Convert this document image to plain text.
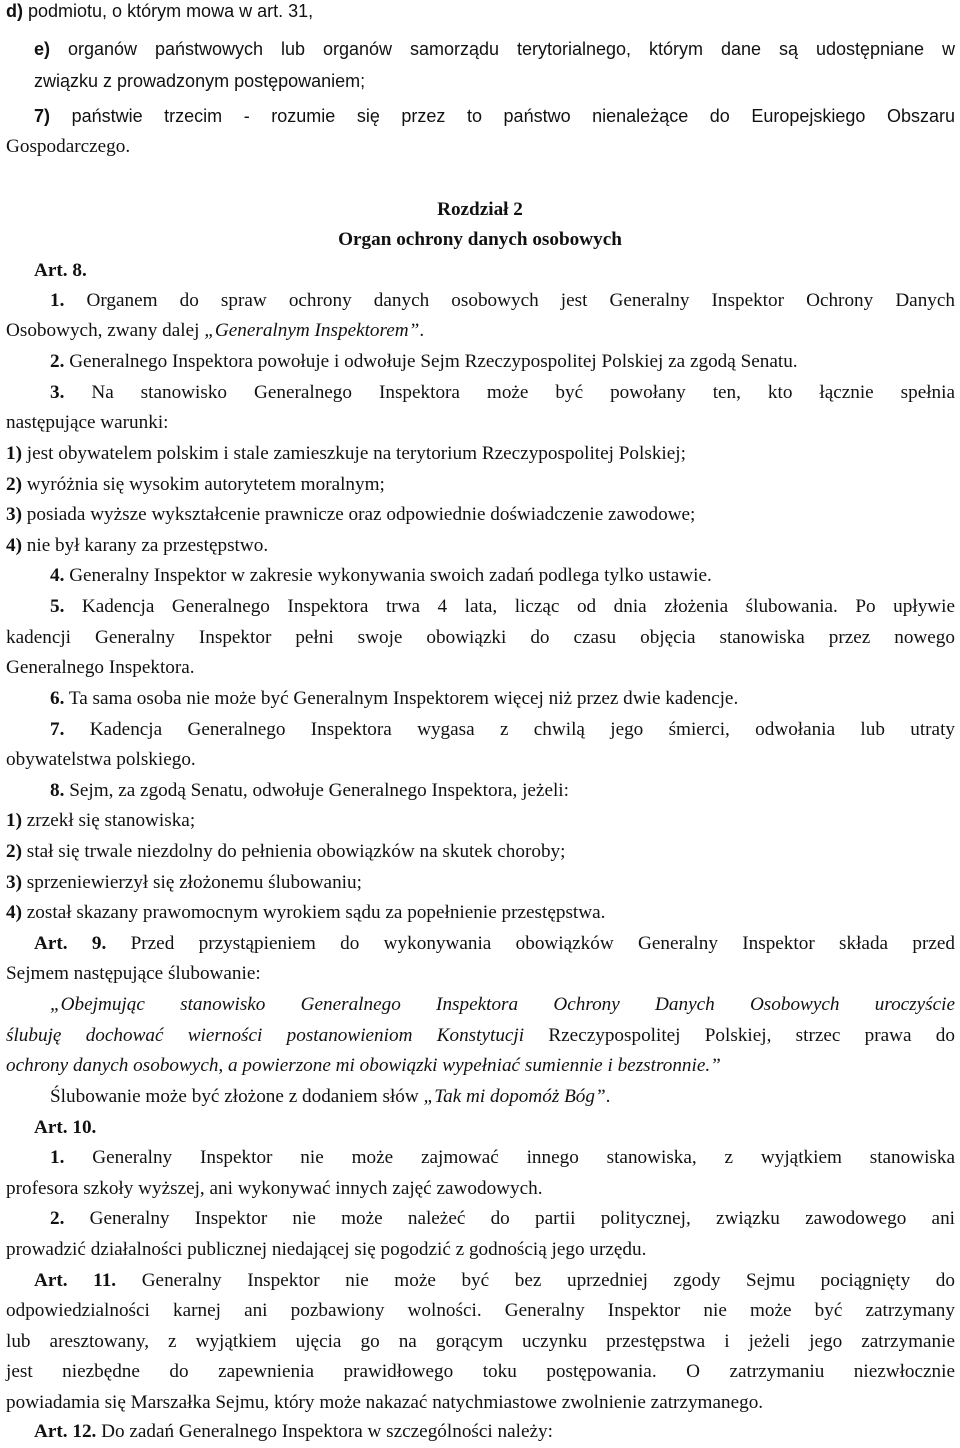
d) podmiotu, o którym mowa w art. 31,
e) organów państwowych lub organów samorządu terytorialnego, którym dane są udostępniane w
związku z prowadzonym postępowaniem;
7) państwie trzecim - rozumie się przez to państwo nienależące do Europejskiego Obszaru
Gospodarczego.
Rozdział 2
Organ ochrony danych osobowych
Art. 8.
1. Organem do spraw ochrony danych osobowych jest Generalny Inspektor Ochrony Danych
Osobowych, zwany dalej „Generalnym Inspektorem”.
2. Generalnego Inspektora powołuje i odwołuje Sejm Rzeczypospolitej Polskiej za zgodą Senatu.
3. Na stanowisko Generalnego Inspektora może być powołany ten, kto łącznie spełnia
następujące warunki:
1) jest obywatelem polskim i stale zamieszkuje na terytorium Rzeczypospolitej Polskiej;
2) wyróżnia się wysokim autorytetem moralnym;
3) posiada wyższe wykształcenie prawnicze oraz odpowiednie doświadczenie zawodowe;
4) nie był karany za przestępstwo.
4. Generalny Inspektor w zakresie wykonywania swoich zadań podlega tylko ustawie.
5. Kadencja Generalnego Inspektora trwa 4 lata, licząc od dnia złożenia ślubowania. Po upływie
kadencji Generalny Inspektor pełni swoje obowiązki do czasu objęcia stanowiska przez nowego
Generalnego Inspektora.
6. Ta sama osoba nie może być Generalnym Inspektorem więcej niż przez dwie kadencje.
7. Kadencja Generalnego Inspektora wygasa z chwilą jego śmierci, odwołania lub utraty
obywatelstwa polskiego.
8. Sejm, za zgodą Senatu, odwołuje Generalnego Inspektora, jeżeli:
1) zrzekł się stanowiska;
2) stał się trwale niezdolny do pełnienia obowiązków na skutek choroby;
3) sprzeniewierzył się złożonemu ślubowaniu;
4) został skazany prawomocnym wyrokiem sądu za popełnienie przestępstwa.
Art. 9. Przed przystąpieniem do wykonywania obowiązków Generalny Inspektor składa przed
Sejmem następujące ślubowanie:
„Obejmując stanowisko Generalnego Inspektora Ochrony Danych Osobowych uroczyście
ślubuję dochować wierności postanowieniom Konstytucji Rzeczypospolitej Polskiej, strzec prawa do
ochrony danych osobowych, a powierzone mi obowiązki wypełniać sumiennie i bezstronnie.”
Ślubowanie może być złożone z dodaniem słów „Tak mi dopomóż Bóg”.
Art. 10.
1. Generalny Inspektor nie może zajmować innego stanowiska, z wyjątkiem stanowiska
profesora szkoły wyższej, ani wykonywać innych zajęć zawodowych.
2. Generalny Inspektor nie może należeć do partii politycznej, związku zawodowego ani
prowadzić działalności publicznej niedającej się pogodzić z godnością jego urzędu.
Art. 11. Generalny Inspektor nie może być bez uprzedniej zgody Sejmu pociągnięty do
odpowiedzialności karnej ani pozbawiony wolności. Generalny Inspektor nie może być zatrzymany
lub aresztowany, z wyjątkiem ujęcia go na gorącym uczynku przestępstwa i jeżeli jego zatrzymanie
jest niezbędne do zapewnienia prawidłowego toku postępowania. O zatrzymaniu niezwłocznie
powiadamia się Marszałka Sejmu, który może nakazać natychmiastowe zwolnienie zatrzymanego.
Art. 12. Do zadań Generalnego Inspektora w szczególności należy:
